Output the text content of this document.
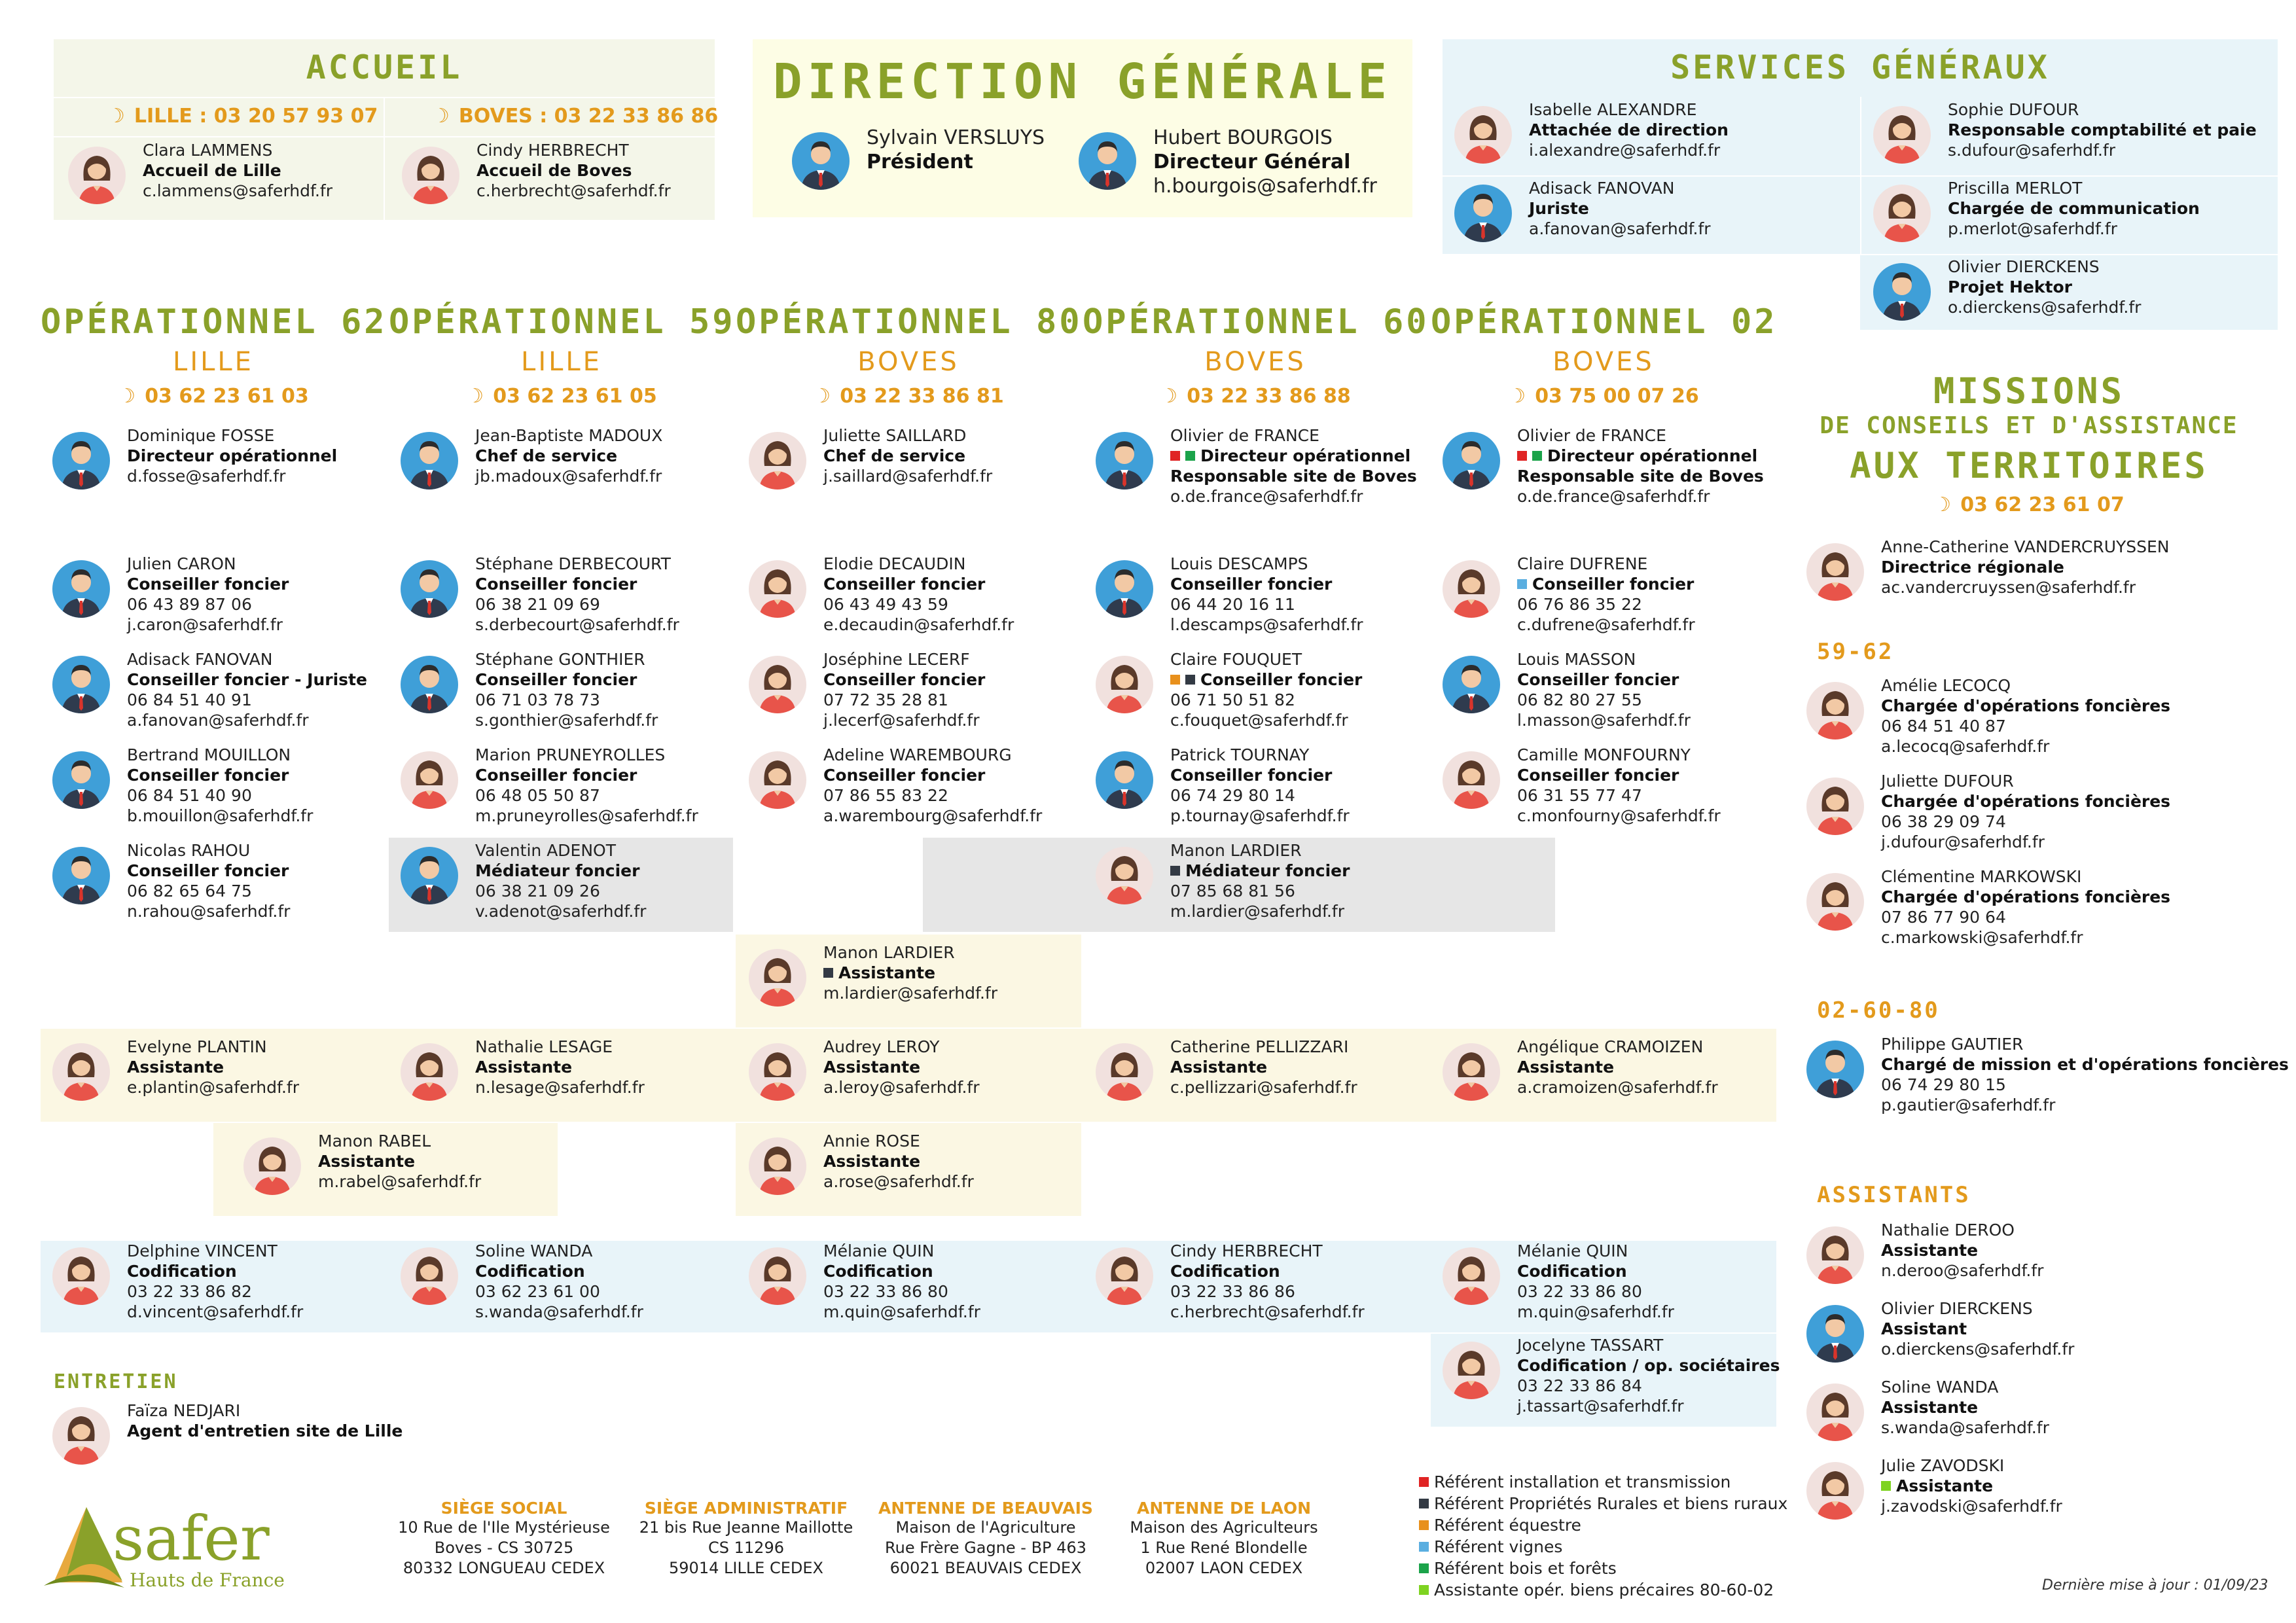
ACCUEIL
☽ LILLE : 03 20 57 93 07	☽ BOVES : 03 22 33 86 86
DIRECTION GÉNÉRALE	SERVICES GÉNÉRAUX
OPÉRATIONNEL 62
LILLE
☽ 03 62 23 61 03
OPÉRATIONNEL 59
LILLE
☽ 03 62 23 61 05
OPÉRATIONNEL 80
BOVES
☽ 03 22 33 86 81
OPÉRATIONNEL 60
BOVES
☽ 03 22 33 86 88
OPÉRATIONNEL 02
BOVES
☽ 03 75 00 07 26	MISSIONS
DE CONSEILS ET D'ASSISTANCE
AUX TERRITOIRES
☽ 03 62 23 61 07
59-62
02-60-80
ASSISTANTS
ENTRETIEN
Clara LAMMENS
Accueil de Lille
c.lammens@saferhdf.fr
Cindy HERBRECHT
Accueil de Boves
c.herbrecht@saferhdf.fr
Sylvain VERSLUYS
Président
Hubert BOURGOIS
Directeur Général
h.bourgois@saferhdf.fr
Isabelle ALEXANDRE
Attachée de direction
i.alexandre@saferhdf.fr
Sophie DUFOUR
Responsable comptabilité et paie
s.dufour@saferhdf.fr
Adisack FANOVAN
Juriste
a.fanovan@saferhdf.fr
Priscilla MERLOT
Chargée de communication
p.merlot@saferhdf.fr
Olivier DIERCKENS
Projet Hektor
o.dierckens@saferhdf.fr
Dominique FOSSE
Directeur opérationnel
d.fosse@saferhdf.fr
Jean-Baptiste MADOUX
Chef de service
jb.madoux@saferhdf.fr
Juliette SAILLARD
Chef de service
j.saillard@saferhdf.fr
Olivier de FRANCE
Directeur opérationnel
Responsable site de Boves
o.de.france@saferhdf.fr
Olivier de FRANCE
Directeur opérationnel
Responsable site de Boves
o.de.france@saferhdf.fr
Julien CARON
Conseiller foncier
06 43 89 87 06
j.caron@saferhdf.fr
Adisack FANOVAN
Conseiller foncier - Juriste
06 84 51 40 91
a.fanovan@saferhdf.fr
Bertrand MOUILLON
Conseiller foncier
06 84 51 40 90
b.mouillon@saferhdf.fr
Nicolas RAHOU
Conseiller foncier
06 82 65 64 75
n.rahou@saferhdf.fr
Stéphane DERBECOURT
Conseiller foncier
06 38 21 09 69
s.derbecourt@saferhdf.fr
Stéphane GONTHIER
Conseiller foncier
06 71 03 78 73
s.gonthier@saferhdf.fr
Marion PRUNEYROLLES
Conseiller foncier
06 48 05 50 87
m.pruneyrolles@saferhdf.fr
Valentin ADENOT
Médiateur foncier
06 38 21 09 26
v.adenot@saferhdf.fr
Elodie DECAUDIN
Conseiller foncier
06 43 49 43 59
e.decaudin@saferhdf.fr
Joséphine LECERF
Conseiller foncier
07 72 35 28 81
j.lecerf@saferhdf.fr
Adeline WAREMBOURG
Conseiller foncier
07 86 55 83 22
a.warembourg@saferhdf.fr
Louis DESCAMPS
Conseiller foncier
06 44 20 16 11
l.descamps@saferhdf.fr
Claire FOUQUET
Conseiller foncier
06 71 50 51 82
c.fouquet@saferhdf.fr
Patrick TOURNAY
Conseiller foncier
06 74 29 80 14
p.tournay@saferhdf.fr
Manon LARDIER
Médiateur foncier
07 85 68 81 56
m.lardier@saferhdf.fr
Claire DUFRENE
Conseiller foncier
06 76 86 35 22
c.dufrene@saferhdf.fr
Louis MASSON
Conseiller foncier
06 82 80 27 55
l.masson@saferhdf.fr
Camille MONFOURNY
Conseiller foncier
06 31 55 77 47
c.monfourny@saferhdf.fr
Manon LARDIER
Assistante
m.lardier@saferhdf.fr
Evelyne PLANTIN
Assistante
e.plantin@saferhdf.fr
Nathalie LESAGE
Assistante
n.lesage@saferhdf.fr
Audrey LEROY
Assistante
a.leroy@saferhdf.fr
Catherine PELLIZZARI
Assistante
c.pellizzari@saferhdf.fr
Angélique CRAMOIZEN
Assistante
a.cramoizen@saferhdf.fr
Manon RABEL
Assistante
m.rabel@saferhdf.fr
Annie ROSE
Assistante
a.rose@saferhdf.fr
Delphine VINCENT
Codification
03 22 33 86 82
d.vincent@saferhdf.fr
Soline WANDA
Codification
03 62 23 61 00
s.wanda@saferhdf.fr
Mélanie QUIN
Codification
03 22 33 86 80
m.quin@saferhdf.fr
Cindy HERBRECHT
Codification
03 22 33 86 86
c.herbrecht@saferhdf.fr
Mélanie QUIN
Codification
03 22 33 86 80
m.quin@saferhdf.fr
Jocelyne TASSART
Codification / op. sociétaires
03 22 33 86 84
j.tassart@saferhdf.fr
Faïza NEDJARI
Agent d'entretien site de Lille
Anne-Catherine VANDERCRUYSSEN
Directrice régionale
ac.vandercruyssen@saferhdf.fr
Amélie LECOCQ
Chargée d'opérations foncières
06 84 51 40 87
a.lecocq@saferhdf.fr
Juliette DUFOUR
Chargée d'opérations foncières
06 38 29 09 74
j.dufour@saferhdf.fr
Clémentine MARKOWSKI
Chargée d'opérations foncières
07 86 77 90 64
c.markowski@saferhdf.fr
Philippe GAUTIER
Chargé de mission et d'opérations foncières
06 74 29 80 15
p.gautier@saferhdf.fr
Nathalie DEROO
Assistante
n.deroo@saferhdf.fr
Olivier DIERCKENS
Assistant
o.dierckens@saferhdf.fr
Soline WANDA
Assistante
s.wanda@saferhdf.fr
Julie ZAVODSKI
Assistante
j.zavodski@saferhdf.fr
safer
Hauts de France
SIÈGE SOCIAL
10 Rue de l'Ile Mystérieuse
Boves - CS 30725
80332 LONGUEAU CEDEX
SIÈGE ADMINISTRATIF
21 bis Rue Jeanne Maillotte
CS 11296
59014 LILLE CEDEX
ANTENNE DE BEAUVAIS
Maison de l'Agriculture
Rue Frère Gagne - BP 463
60021 BEAUVAIS CEDEX
ANTENNE DE LAON
Maison des Agriculteurs
1 Rue René Blondelle
02007 LAON CEDEX
Référent installation et transmission
Référent Propriétés Rurales et biens ruraux
Référent équestre
Référent vignes
Référent bois et forêts
Assistante opér. biens précaires 80-60-02	Dernière mise à jour : 01/09/23
